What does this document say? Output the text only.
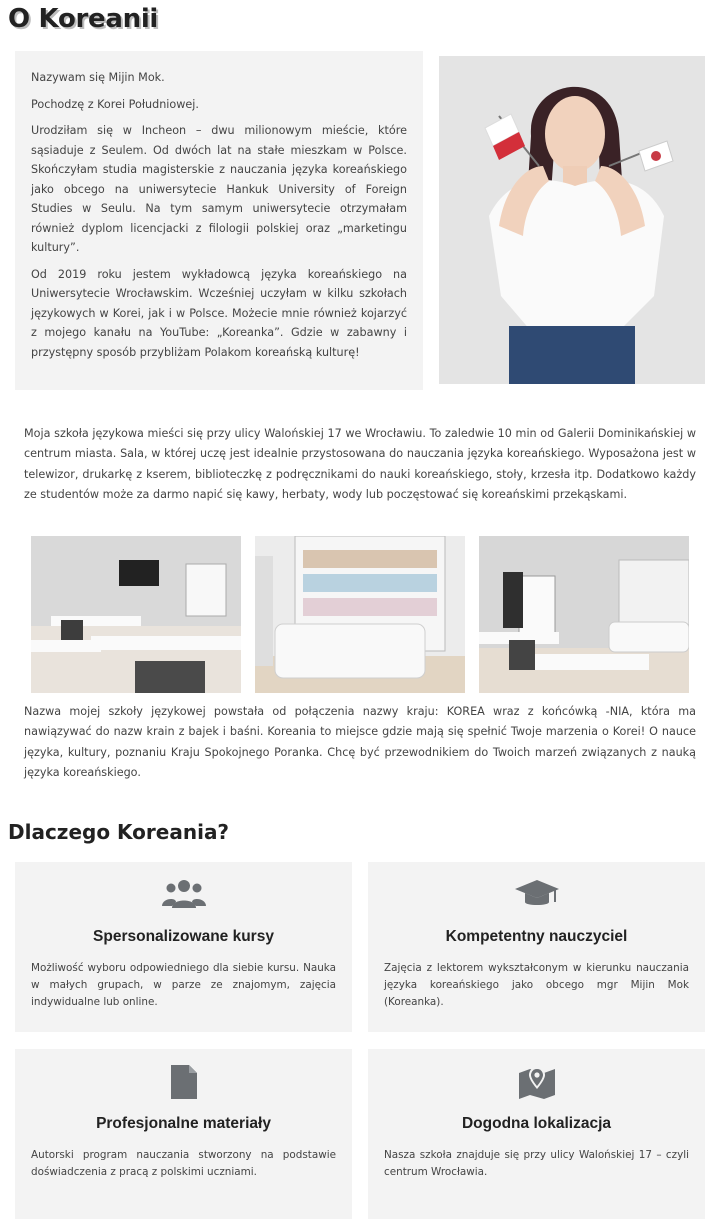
O Koreanii

Nazywam się Mijin Mok.

Pochodzę z Korei Południowej.

Urodziłam się w Incheon – dwu milionowym mieście, które sąsiaduje z Seulem. Od dwóch lat na stałe mieszkam w Polsce. Skończyłam studia magisterskie z nauczania języka koreańskiego jako obcego na uniwersytecie Hankuk University of Foreign Studies w Seulu. Na tym samym uniwersytecie otrzymałam również dyplom licencjacki z filologii polskiej oraz „marketingu kultury”.

Od 2019 roku jestem wykładowcą języka koreańskiego na Uniwersytecie Wrocławskim. Wcześniej uczyłam w kilku szkołach językowych w Korei, jak i w Polsce. Możecie mnie również kojarzyć z mojego kanału na YouTube: „Koreanka”. Gdzie w zabawny i przystępny sposób przybliżam Polakom koreańską kulturę!

Moja szkoła językowa mieści się przy ulicy Walońskiej 17 we Wrocławiu. To zaledwie 10 min od Galerii Dominikańskiej w centrum miasta. Sala, w której uczę jest idealnie przystosowana do nauczania języka koreańskiego. Wyposażona jest w telewizor, drukarkę z kserem, biblioteczkę z podręcznikami do nauki koreańskiego, stoły, krzesła itp. Dodatkowo każdy ze studentów może za darmo napić się kawy, herbaty, wody lub poczęstować się koreańskimi przekąskami.

Nazwa mojej szkoły językowej powstała od połączenia nazwy kraju: KOREA wraz z końcówką -NIA, która ma nawiązywać do nazw krain z bajek i baśni. Koreania to miejsce gdzie mają się spełnić Twoje marzenia o Korei! O nauce języka, kultury, poznaniu Kraju Spokojnego Poranka. Chcę być przewodnikiem do Twoich marzeń związanych z nauką języka koreańskiego.

Dlaczego Koreania?
Spersonalizowane kursy

Możliwość wyboru odpowiedniego dla siebie kursu. Nauka w małych grupach, w parze ze znajomym, zajęcia indywidualne lub online.

Kompetentny nauczyciel

Zajęcia z lektorem wykształconym w kierunku nauczania języka koreańskiego jako obcego mgr Mijin Mok (Koreanka).

Profesjonalne materiały

Autorski program nauczania stworzony na podstawie doświadczenia z pracą z polskimi uczniami.

Dogodna lokalizacja

Nasza szkoła znajduje się przy ulicy Walońskiej 17 – czyli centrum Wrocławia.
